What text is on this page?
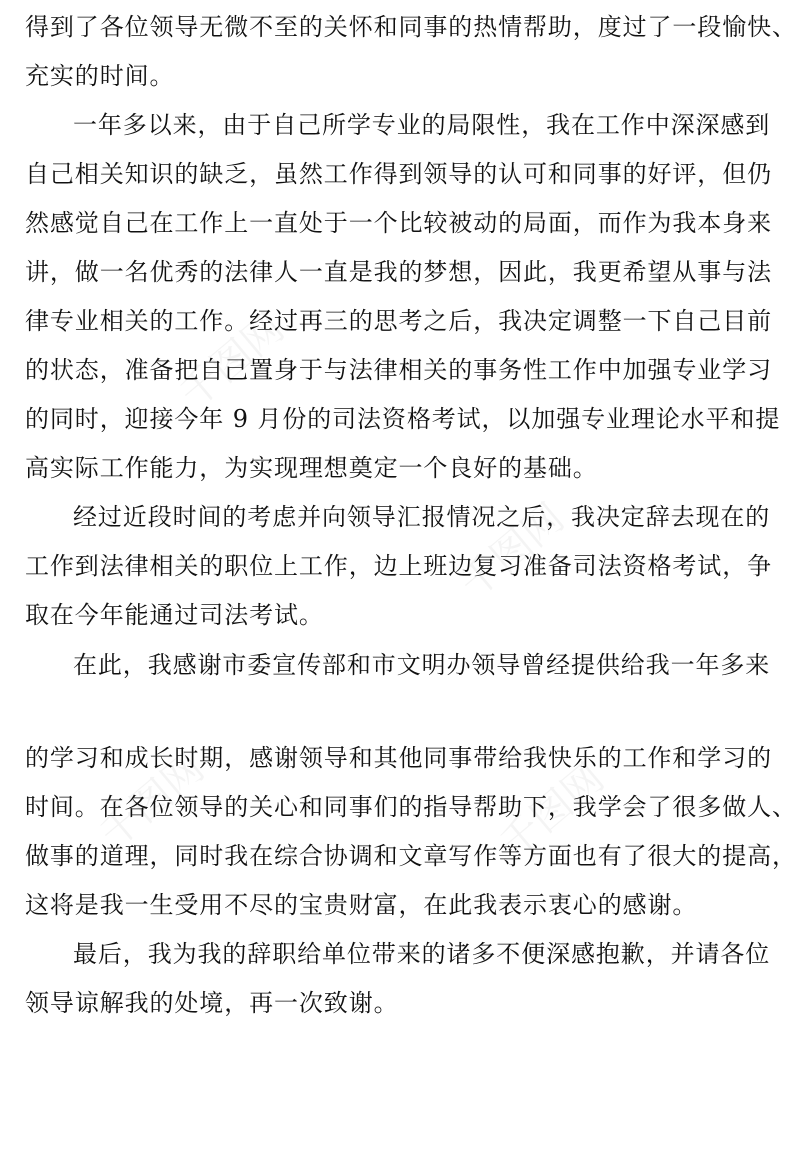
千图网
千图网
千图网	千图网
得到了各位领导无微不至的关怀和同事的热情帮助，度过了一段愉快、
充实的时间。
一年多以来，由于自己所学专业的局限性，我在工作中深深感到
自己相关知识的缺乏，虽然工作得到领导的认可和同事的好评，但仍
然感觉自己在工作上一直处于一个比较被动的局面，而作为我本身来
讲，做一名优秀的法律人一直是我的梦想，因此，我更希望从事与法
律专业相关的工作。经过再三的思考之后，我决定调整一下自己目前
的状态，准备把自己置身于与法律相关的事务性工作中加强专业学习
的同时，迎接今年 9 月份的司法资格考试，以加强专业理论水平和提
高实际工作能力，为实现理想奠定一个良好的基础。
经过近段时间的考虑并向领导汇报情况之后，我决定辞去现在的
工作到法律相关的职位上工作，边上班边复习准备司法资格考试，争
取在今年能通过司法考试。
在此，我感谢市委宣传部和市文明办领导曾经提供给我一年多来
的学习和成长时期，感谢领导和其他同事带给我快乐的工作和学习的
时间。在各位领导的关心和同事们的指导帮助下，我学会了很多做人、
做事的道理，同时我在综合协调和文章写作等方面也有了很大的提高，
这将是我一生受用不尽的宝贵财富，在此我表示衷心的感谢。
最后，我为我的辞职给单位带来的诸多不便深感抱歉，并请各位
领导谅解我的处境，再一次致谢。
